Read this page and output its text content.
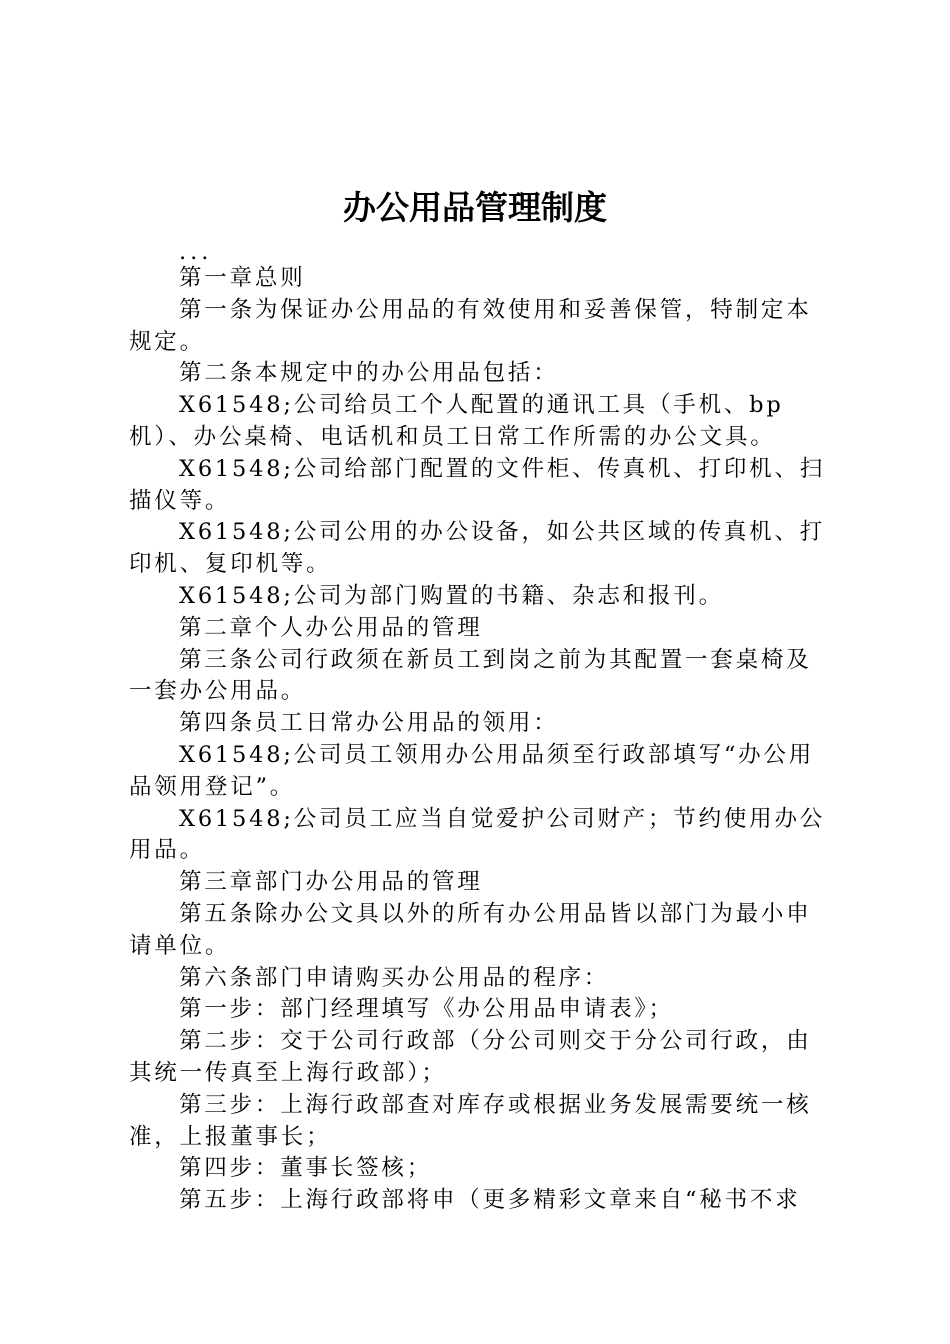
办公用品管理制度

...

第一章总则

第一条为保证办公用品的有效使用和妥善保管，特制定本规定。

第二条本规定中的办公用品包括：

X61548;公司给员工个人配置的通讯工具（手机、bp机）、办公桌椅、电话机和员工日常工作所需的办公文具。

X61548;公司给部门配置的文件柜、传真机、打印机、扫描仪等。

X61548;公司公用的办公设备，如公共区域的传真机、打印机、复印机等。

X61548;公司为部门购置的书籍、杂志和报刊。

第二章个人办公用品的管理

第三条公司行政须在新员工到岗之前为其配置一套桌椅及一套办公用品。

第四条员工日常办公用品的领用：

X61548;公司员工领用办公用品须至行政部填写“办公用品领用登记”。

X61548;公司员工应当自觉爱护公司财产；节约使用办公用品。

第三章部门办公用品的管理

第五条除办公文具以外的所有办公用品皆以部门为最小申请单位。

第六条部门申请购买办公用品的程序：

第一步：部门经理填写《办公用品申请表》；

第二步：交于公司行政部（分公司则交于分公司行政，由其统一传真至上海行政部）；

第三步：上海行政部查对库存或根据业务发展需要统一核准，上报董事长；

第四步：董事长签核；

第五步：上海行政部将申（更多精彩文章来自“秘书不求
